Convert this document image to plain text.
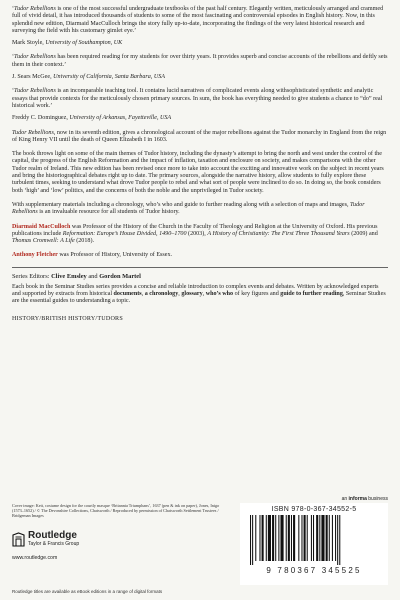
‘Tudor Rebellions is one of the most successful undergraduate textbooks of the past half century. Elegantly written, meticulously arranged and crammed full of vivid detail, it has introduced thousands of students to some of the most fascinating and controversial episodes in English history. Now, in this splendid new edition, Diarmaid MacCulloch brings the story fully up-to-date, incorporating the findings of the very latest historical research and surveying the field with his customary gimlet eye.’

Mark Stoyle, University of Southampton, UK

‘Tudor Rebellions has been required reading for my students for over thirty years. It provides superb and concise accounts of the rebellions and deftly sets them in their context.’

J. Sears McGee, University of California, Santa Barbara, USA

‘Tudor Rebellions is an incomparable teaching tool. It contains lucid narratives of complicated events along withsophisticated synthetic and analytic essays that provide contexts for the meticulously chosen primary sources. In sum, the book has everything needed to give students a chance to “do” real historical work.’

Freddy C. Dominguez, University of Arkansas, Fayetteville, USA

Tudor Rebellions, now in its seventh edition, gives a chronological account of the major rebellions against the Tudor monarchy in England from the reign of King Henry VII until the death of Queen Elizabeth I in 1603.

The book throws light on some of the main themes of Tudor history, including the dynasty’s attempt to bring the north and west under the control of the capital, the progress of the English Reformation and the impact of inflation, taxation and enclosure on society, and makes comparisons with the other Tudor realm of Ireland. This new edition has been revised once more to take into account the exciting and innovative work on the subject in recent years and bring the historiographical debates right up to date. The primary sources, alongside the narrative history, allow students to fully explore these turbulent times, seeking to understand what drove Tudor people to rebel and what sort of people were inclined to do so. In doing so, the book considers both ‘high’ and ‘low’ politics, and the concerns of both the noble and the unprivileged in Tudor society.

With supplementary materials including a chronology, who’s who and guide to further reading along with a selection of maps and images, Tudor Rebellions is an invaluable resource for all students of Tudor history.

Diarmaid MacCulloch was Professor of the History of the Church in the Faculty of Theology and Religion at the University of Oxford. His previous publications include Reformation: Europe’s House Divided, 1490–1700 (2003), A History of Christianity: The First Three Thousand Years (2009) and Thomas Cromwell: A Life (2018).

Anthony Fletcher was Professor of History, University of Essex.

Series Editors: Clive Emsley and Gordon Martel

Each book in the Seminar Studies series provides a concise and reliable introduction to complex events and debates. Written by acknowledged experts and supported by extracts from historical documents, a chronology, glossary, who’s who of key figures and guide to further reading, Seminar Studies are the essential guides to understanding a topic.

HISTORY/BRITISH HISTORY/TUDORS
an informa business
Cover image: Kett, costume design for the courtly masque ‘Britannia Triumphans’, 1637 (pen & ink on paper), Jones, Inigo (1573–1652) / © The Devonshire Collections, Chatsworth / Reproduced by permission of Chatsworth Settlement Trustees / Bridgeman Images
Routledge
Taylor & Francis Group
www.routledge.com
ISBN 978-0-367-34552-5
9 780367 345525
Routledge titles are available as eBook editions in a range of digital formats
